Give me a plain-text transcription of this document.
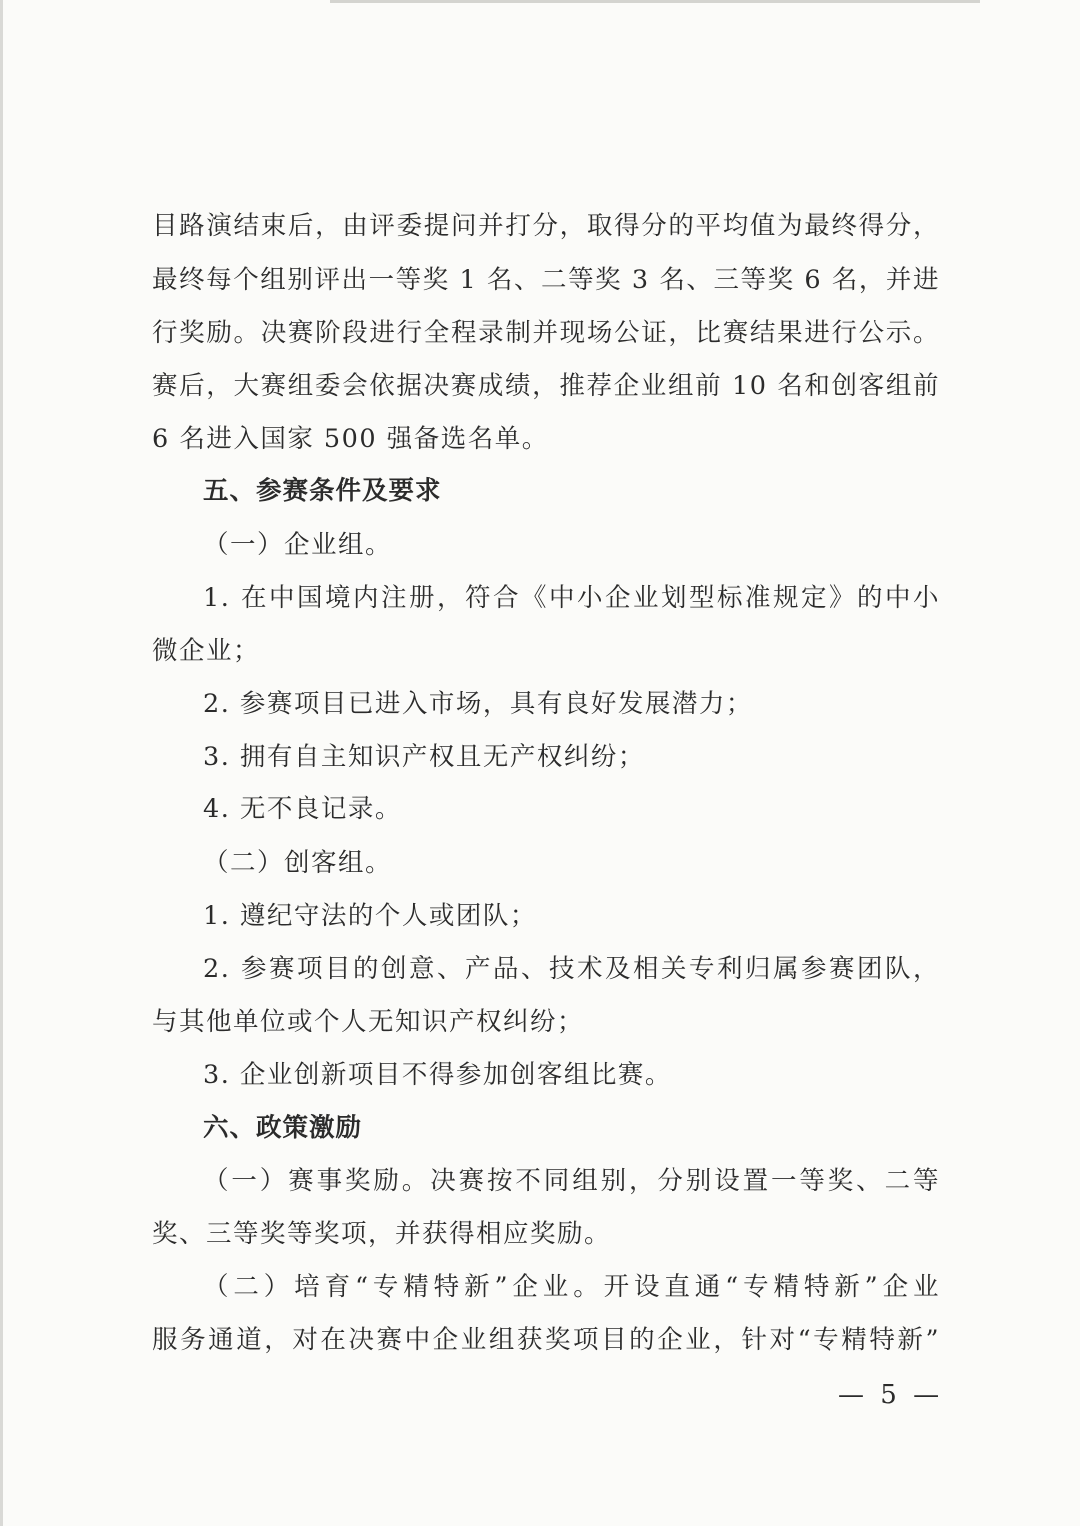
目路演结束后，由评委提问并打分，取得分的平均值为最终得分，
最终每个组别评出一等奖 1 名、二等奖 3 名、三等奖 6 名，并进
行奖励。决赛阶段进行全程录制并现场公证，比赛结果进行公示。
赛后，大赛组委会依据决赛成绩，推荐企业组前 10 名和创客组前
6 名进入国家 500 强备选名单。
五、参赛条件及要求
（一）企业组。
1. 在中国境内注册，符合《中小企业划型标准规定》的中小
微企业；
2. 参赛项目已进入市场，具有良好发展潜力；
3. 拥有自主知识产权且无产权纠纷；
4. 无不良记录。
（二）创客组。
1. 遵纪守法的个人或团队；
2. 参赛项目的创意、产品、技术及相关专利归属参赛团队，
与其他单位或个人无知识产权纠纷；
3. 企业创新项目不得参加创客组比赛。
六、政策激励
（一）赛事奖励。决赛按不同组别，分别设置一等奖、二等
奖、三等奖等奖项，并获得相应奖励。
（二）培育“专精特新”企业。开设直通“专精特新”企业
服务通道，对在决赛中企业组获奖项目的企业，针对“专精特新”
— 5 —
